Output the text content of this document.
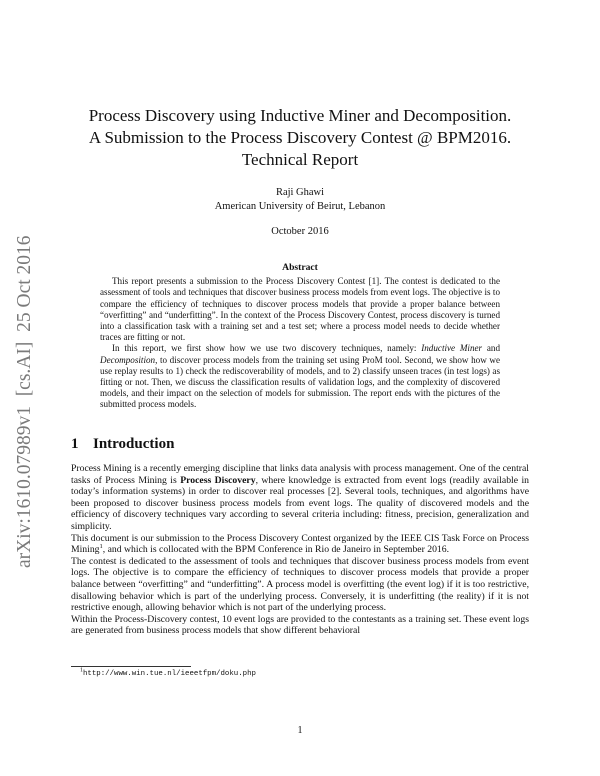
arXiv:1610.07989v1  [cs.AI]  25 Oct 2016
Process Discovery using Inductive Miner and Decomposition.
A Submission to the Process Discovery Contest @ BPM2016.
Technical Report
Raji Ghawi
American University of Beirut, Lebanon
October 2016
Abstract

This report presents a submission to the Process Discovery Contest [1]. The contest is dedicated to the assessment of tools and techniques that discover business process models from event logs. The objective is to compare the efficiency of techniques to discover process models that provide a proper balance between “overfitting” and “underfitting”. In the context of the Process Discovery Contest, process discovery is turned into a classification task with a training set and a test set; where a process model needs to decide whether traces are fitting or not.

In this report, we first show how we use two discovery techniques, namely: Inductive Miner and Decomposition, to discover process models from the training set using ProM tool. Second, we show how we use replay results to 1) check the rediscoverability of models, and to 2) classify unseen traces (in test logs) as fitting or not. Then, we discuss the classification results of validation logs, and the complexity of discovered models, and their impact on the selection of models for submission. The report ends with the pictures of the submitted process models.

1 Introduction

Process Mining is a recently emerging discipline that links data analysis with process management. One of the central tasks of Process Mining is Process Discovery, where knowledge is extracted from event logs (readily available in today’s information systems) in order to discover real processes [2]. Several tools, techniques, and algorithms have been proposed to discover business process models from event logs. The quality of discovered models and the efficiency of discovery techniques vary according to several criteria including: fitness, precision, generalization and simplicity.

This document is our submission to the Process Discovery Contest organized by the IEEE CIS Task Force on Process Mining$^1$, and which is collocated with the BPM Conference in Rio de Janeiro in September 2016.

The contest is dedicated to the assessment of tools and techniques that discover business process models from event logs. The objective is to compare the efficiency of techniques to discover process models that provide a proper balance between “overfitting” and “underfitting”. A process model is overfitting (the event log) if it is too restrictive, disallowing behavior which is part of the underlying process. Conversely, it is underfitting (the reality) if it is not restrictive enough, allowing behavior which is not part of the underlying process.

Within the Process-Discovery contest, 10 event logs are provided to the contestants as a training set. These event logs are generated from business process models that show different behavioral

$^1$http://www.win.tue.nl/ieeetfpm/doku.php
1
